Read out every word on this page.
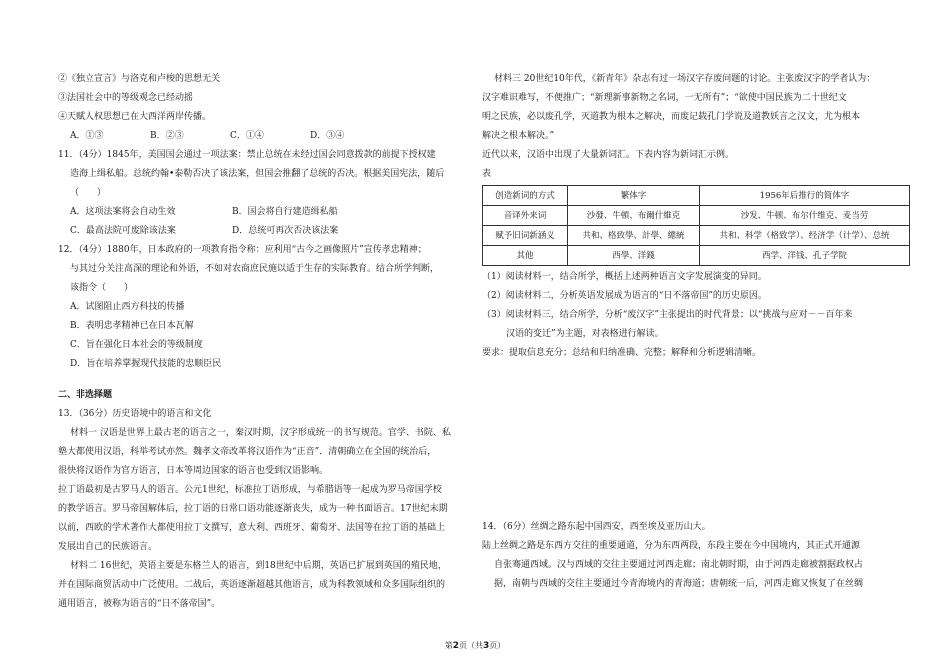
②《独立宣言》与洛克和卢梭的思想无关
③法国社会中的等级观念已经动摇
④天赋人权思想已在大西洋两岸传播。
A．①③	B．②③	C．①④	D．③④
11．（4分）1845年，美国国会通过一项法案：禁止总统在未经过国会同意拨款的前提下授权建
造海上缉私船。总统约翰•泰勒否决了该法案，但国会推翻了总统的否决。根据美国宪法，随后
（　　）
A．这项法案将会自动生效	B．国会将自行建造缉私船
C．最高法院可废除该法案	D．总统可再次否决该法案
12．（4分）1880年，日本政府的一项教育指令称：应利用“古今之画像照片”宣传孝忠精神；
与其过分关注高深的理论和外语，不如对农商庶民施以适于生存的实际教育。结合所学判断，
该指令（　　）
A．试图阻止西方科技的传播
B．表明忠孝精神已在日本瓦解
C．旨在强化日本社会的等级制度
D．旨在培养掌握现代技能的忠顺臣民
二、非选择题
13．（36分）历史语境中的语言和文化
材料一 汉语是世界上最古老的语言之一，秦汉时期，汉字形成统一的书写规范。官学、书院、私
塾大都使用汉语，科举考试亦然。魏孝文帝改革将汉语作为“正音”．清朝确立在全国的统治后，
很快将汉语作为官方语言，日本等周边国家的语言也受到汉语影响。
拉丁语最初是古罗马人的语言。公元1世纪，标准拉丁语形成，与希腊语等一起成为罗马帝国学校
的教学语言。罗马帝国解体后，拉丁语的日常口语功能逐渐丧失，成为一种书面语言。17世纪末期
以前，西欧的学术著作大都使用拉丁文撰写，意大利、西班牙、葡萄牙、法国等在拉丁语的基础上
发展出自己的民族语言。
材料二 16世纪，英语主要是东格兰人的语言，到18世纪中后期，英语已扩展到英国的殖民地，
并在国际商贸活动中广泛使用。二战后，英语逐渐超越其他语言，成为科教领域和众多国际组织的
通用语言，被称为语言的“日不落帝国”。
材料三 20世纪10年代，《新青年》杂志有过一场汉字存废问题的讨论。主张废汉字的学者认为：
汉字难识难写，不便推广；“新理新事新物之名词，一无所有”；“欲使中国民族为二十世纪文
明之民族，必以废孔学，灭道教为根本之解决，而废记载孔门学说及道教妖言之汉文，尤为根本
解决之根本解决。”
近代以来，汉语中出现了大量新词汇。下表内容为新词汇示例。
表
创造新词的方式	繁体字	1956年后推行的简体字
音译外来词	沙發、牛頓、布爾什維克	沙发、牛顿、布尔什维克、麦当劳
赋予旧词新涵义	共和、格致學、計學、總統	共和、科学（格致学）、经济学（计学）、总统
其他	西學、洋錢	西学、洋钱、孔子学院
（1）阅读材料一，结合所学，概括上述两种语言文字发展演变的异同。
（2）阅读材料二，分析英语发展成为语言的“日不落帝国”的历史原因。
（3）阅读材料三，结合所学，分析“废汉字”主张提出的时代背景；以“挑战与应对－－百年来
汉语的变迁”为主题，对表格进行解读。
要求：提取信息充分；总结和归纳准确、完整；解释和分析逻辑清晰。
14．（6分）丝绸之路东起中国西安，西至埃及亚历山大。
陆上丝绸之路是东西方交往的重要通道，分为东西两段，东段主要在今中国境内，其正式开通源
自张骞通西域。汉与西域的交往主要通过河西走廊；南北朝时期，由于河西走廊被割据政权占
据，南朝与西域的交往主要通过今青海境内的青海道；唐朝统一后，河西走廊又恢复了在丝绸
第2页（共3页）
